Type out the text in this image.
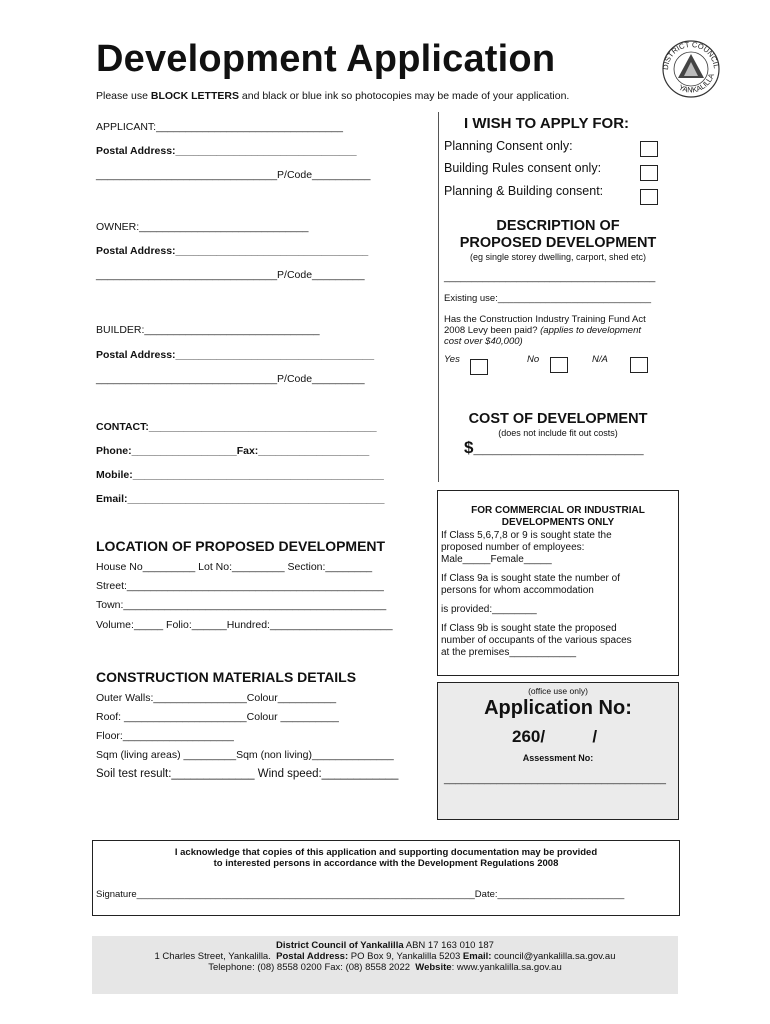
Development Application
Please use BLOCK LETTERS and black or blue ink so photocopies may be made of your application.
DISTRICT COUNCIL
YANKALILLA
APPLICANT:________________________________
Postal Address:_______________________________
_______________________________P/Code__________
OWNER:_____________________________
Postal Address:_________________________________
_______________________________P/Code_________
BUILDER:______________________________
Postal Address:__________________________________
_______________________________P/Code_________
CONTACT:_______________________________________
Phone:__________________Fax:___________________
Mobile:___________________________________________
Email:____________________________________________
LOCATION OF PROPOSED DEVELOPMENT
House No_________ Lot No:_________ Section:________
Street:____________________________________________
Town:_____________________________________________
Volume:_____ Folio:______Hundred:_____________________
CONSTRUCTION MATERIALS DETAILS
Outer Walls:________________Colour__________
Roof: _____________________Colour __________
Floor:___________________
Sqm (living areas) _________Sqm (non living)______________
Soil test result:_____________ Wind speed:____________
I WISH TO APPLY FOR:
Planning Consent only:
Building Rules consent only:
Planning & Building consent:
DESCRIPTION OF
PROPOSED DEVELOPMENT
(eg single storey dwelling, carport, shed etc)
______________________________________
Existing use:_____________________________
Has the Construction Industry Training Fund Act
2008 Levy been paid? (applies to development
cost over $40,000)
Yes	No	N/A
COST OF DEVELOPMENT
(does not include fit out costs)
$__________________
FOR COMMERCIAL OR INDUSTRIAL
DEVELOPMENTS ONLY
If Class 5,6,7,8 or 9 is sought state the
proposed number of employees:
Male_____Female_____
If Class 9a is sought state the number of
persons for whom accommodation
is provided:________
If Class 9b is sought state the proposed
number of occupants of the various spaces
at the premises____________
(office use only)
Application No:
260/          /
Assessment No:
______________________________________
I acknowledge that copies of this application and supporting documentation may be provided
to interested persons in accordance with the Development Regulations 2008
Signature________________________________________________________________Date:________________________
District Council of Yankalilla ABN 17 163 010 187
1 Charles Street, Yankalilla.  Postal Address: PO Box 9, Yankalilla 5203 Email: council@yankalilla.sa.gov.au
Telephone: (08) 8558 0200 Fax: (08) 8558 2022  Website: www.yankalilla.sa.gov.au
